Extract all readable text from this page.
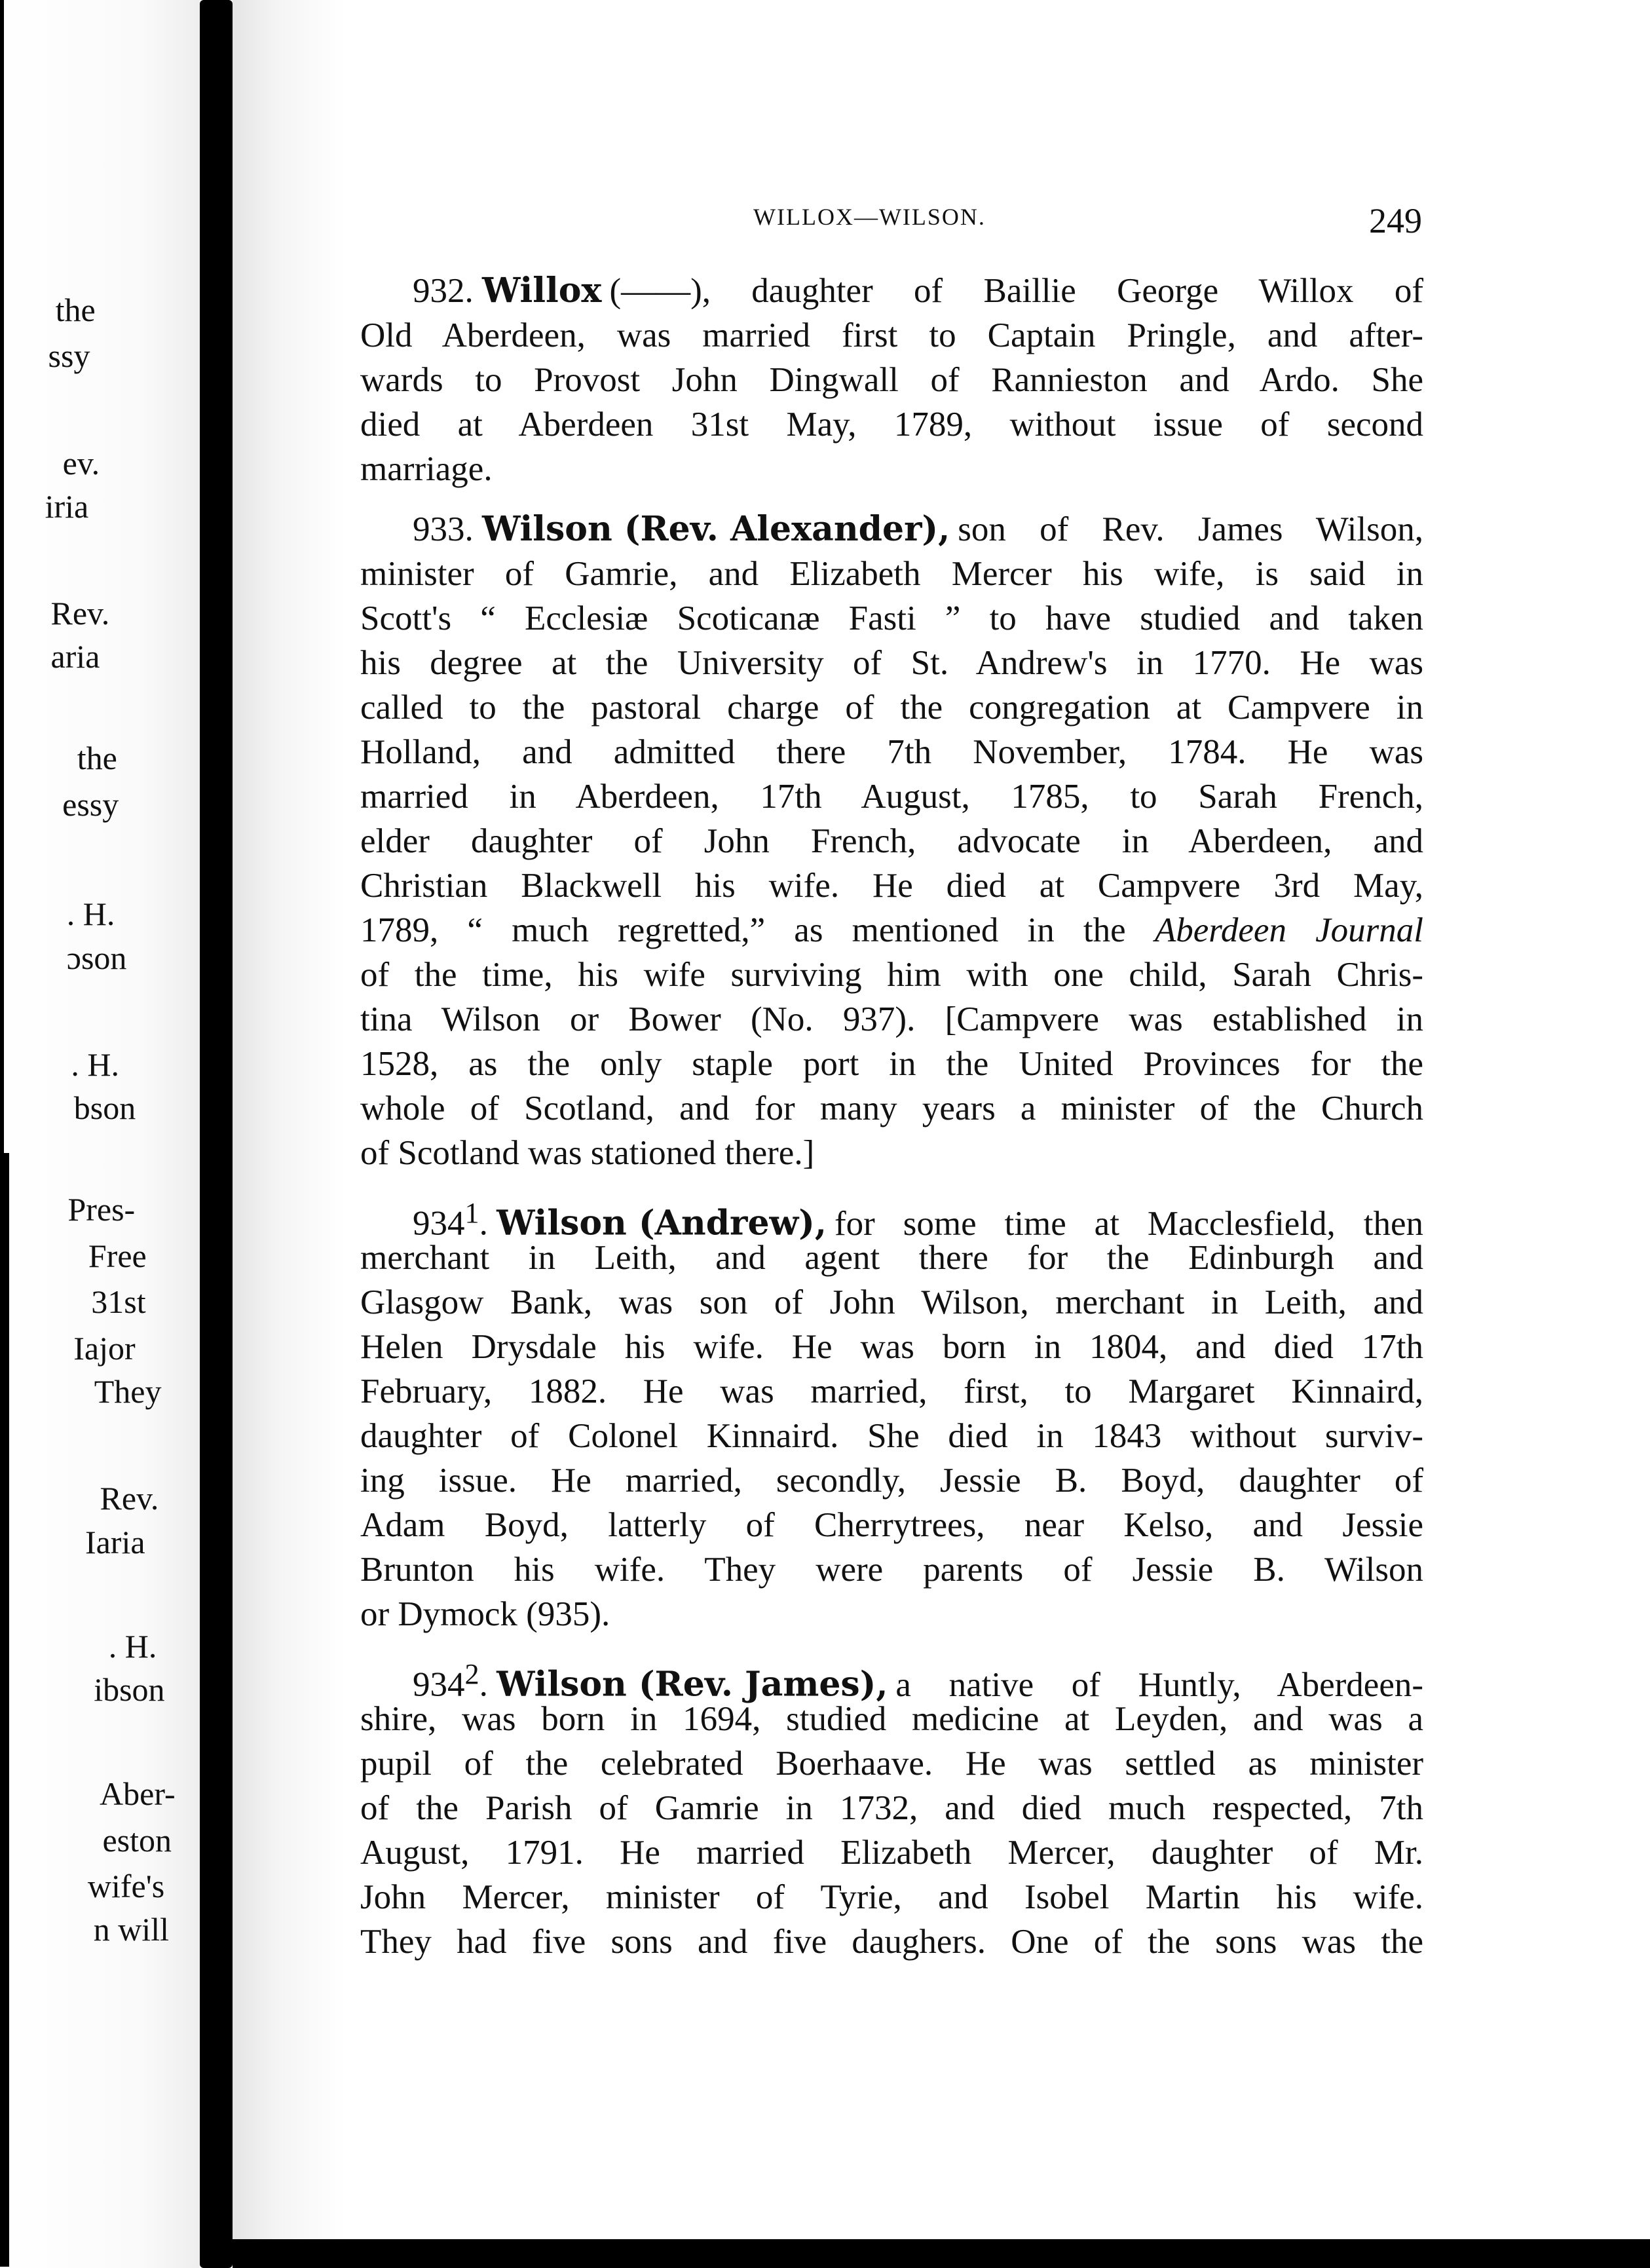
the
ssy
ev.
iria
Rev.
aria
the
essy
. H.
ɔson
. H.
bson
Pres-
Free
31st
Iajor
They
Rev.
Iaria
. H.
ibson
Aber-
eston
wife's
n will
WILLOX—WILSON.	249
932. Willox (——), daughter of Baillie George Willox of
Old Aberdeen, was married first to Captain Pringle, and after-
wards to Provost John Dingwall of Rannieston and Ardo. She
died at Aberdeen 31st May, 1789, without issue of second
marriage.
933. Wilson (Rev. Alexander), son of Rev. James Wilson,
minister of Gamrie, and Elizabeth Mercer his wife, is said in
Scott's “ Ecclesiæ Scoticanæ Fasti ” to have studied and taken
his degree at the University of St. Andrew's in 1770. He was
called to the pastoral charge of the congregation at Campvere in
Holland, and admitted there 7th November, 1784. He was
married in Aberdeen, 17th August, 1785, to Sarah French,
elder daughter of John French, advocate in Aberdeen, and
Christian Blackwell his wife. He died at Campvere 3rd May,
1789, “ much regretted,” as mentioned in the Aberdeen Journal
of the time, his wife surviving him with one child, Sarah Chris-
tina Wilson or Bower (No. 937). [Campvere was established in
1528, as the only staple port in the United Provinces for the
whole of Scotland, and for many years a minister of the Church
of Scotland was stationed there.]
$934^1$. Wilson (Andrew), for some time at Macclesfield, then
merchant in Leith, and agent there for the Edinburgh and
Glasgow Bank, was son of John Wilson, merchant in Leith, and
Helen Drysdale his wife. He was born in 1804, and died 17th
February, 1882. He was married, first, to Margaret Kinnaird,
daughter of Colonel Kinnaird. She died in 1843 without surviv-
ing issue. He married, secondly, Jessie B. Boyd, daughter of
Adam Boyd, latterly of Cherrytrees, near Kelso, and Jessie
Brunton his wife. They were parents of Jessie B. Wilson
or Dymock (935).
$934^2$. Wilson (Rev. James), a native of Huntly, Aberdeen-
shire, was born in 1694, studied medicine at Leyden, and was a
pupil of the celebrated Boerhaave. He was settled as minister
of the Parish of Gamrie in 1732, and died much respected, 7th
August, 1791. He married Elizabeth Mercer, daughter of Mr.
John Mercer, minister of Tyrie, and Isobel Martin his wife.
They had five sons and five daughers. One of the sons was the
